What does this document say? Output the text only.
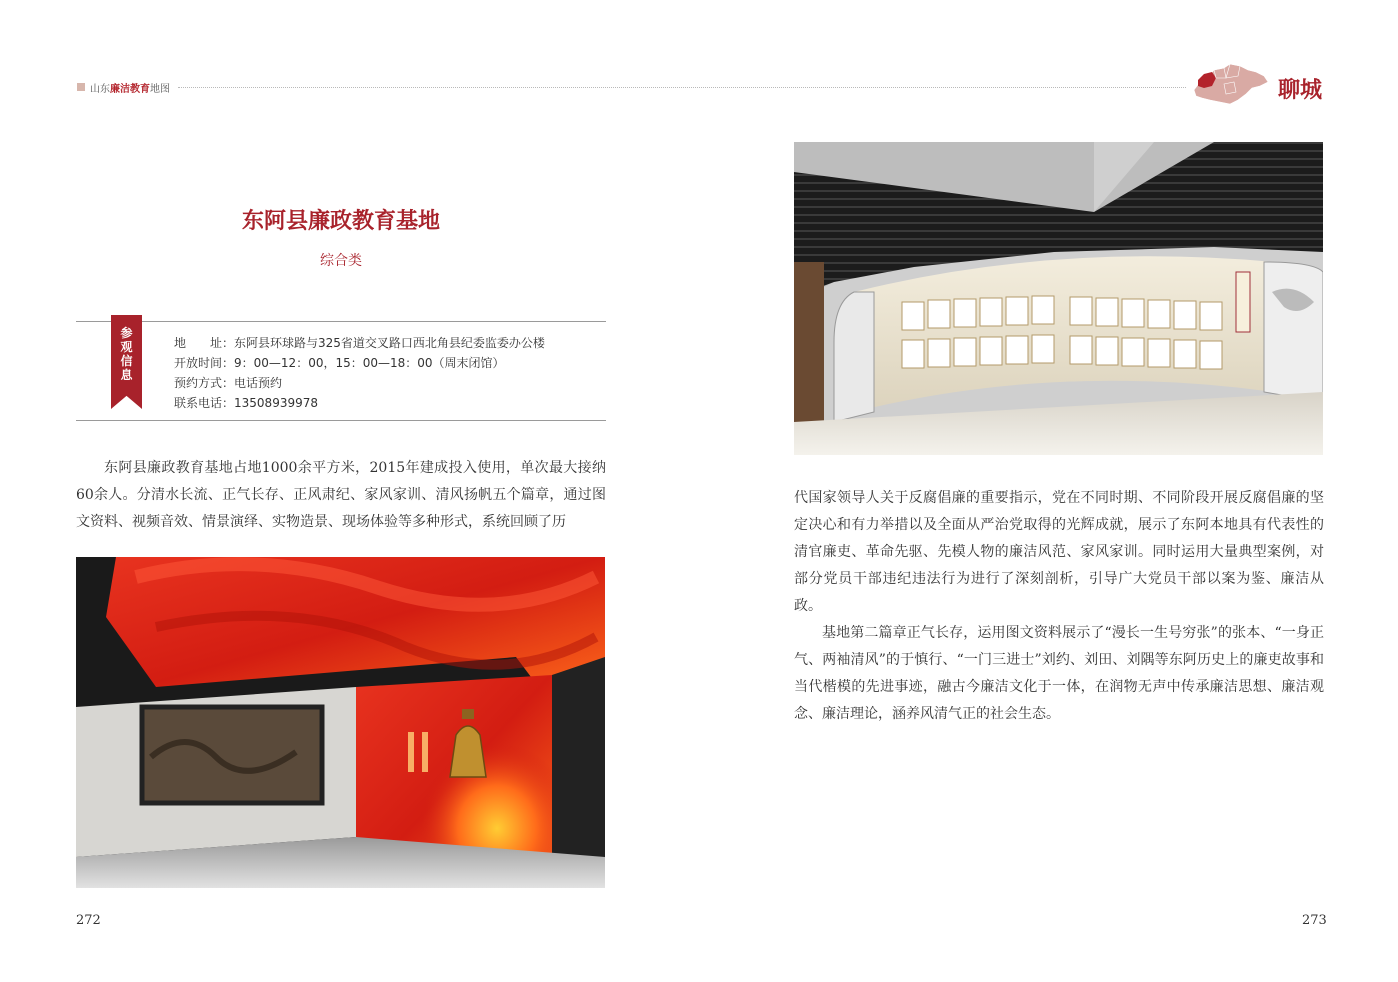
山东廉洁教育地图	聊城
东阿县廉政教育基地
综合类
参
观
信
息
地　　址：东阿县环球路与325省道交叉路口西北角县纪委监委办公楼
开放时间：9：00—12：00，15：00—18：00（周末闭馆）
预约方式：电话预约
联系电话：13508939978

东阿县廉政教育基地占地1000余平方米，2015年建成投入使用，单次最大接纳60余人。分清水长流、正气长存、正风肃纪、家风家训、清风扬帆五个篇章，通过图文资料、视频音效、情景演绎、实物造景、现场体验等多种形式，系统回顾了历

272

代国家领导人关于反腐倡廉的重要指示，党在不同时期、不同阶段开展反腐倡廉的坚定决心和有力举措以及全面从严治党取得的光辉成就，展示了东阿本地具有代表性的清官廉吏、革命先驱、先模人物的廉洁风范、家风家训。同时运用大量典型案例，对部分党员干部违纪违法行为进行了深刻剖析，引导广大党员干部以案为鉴、廉洁从政。

基地第二篇章正气长存，运用图文资料展示了“漫长一生号穷张”的张本、“一身正气、两袖清风”的于慎行、“一门三进士”刘约、刘田、刘隅等东阿历史上的廉吏故事和当代楷模的先进事迹，融古今廉洁文化于一体，在润物无声中传承廉洁思想、廉洁观念、廉洁理论，涵养风清气正的社会生态。

273
